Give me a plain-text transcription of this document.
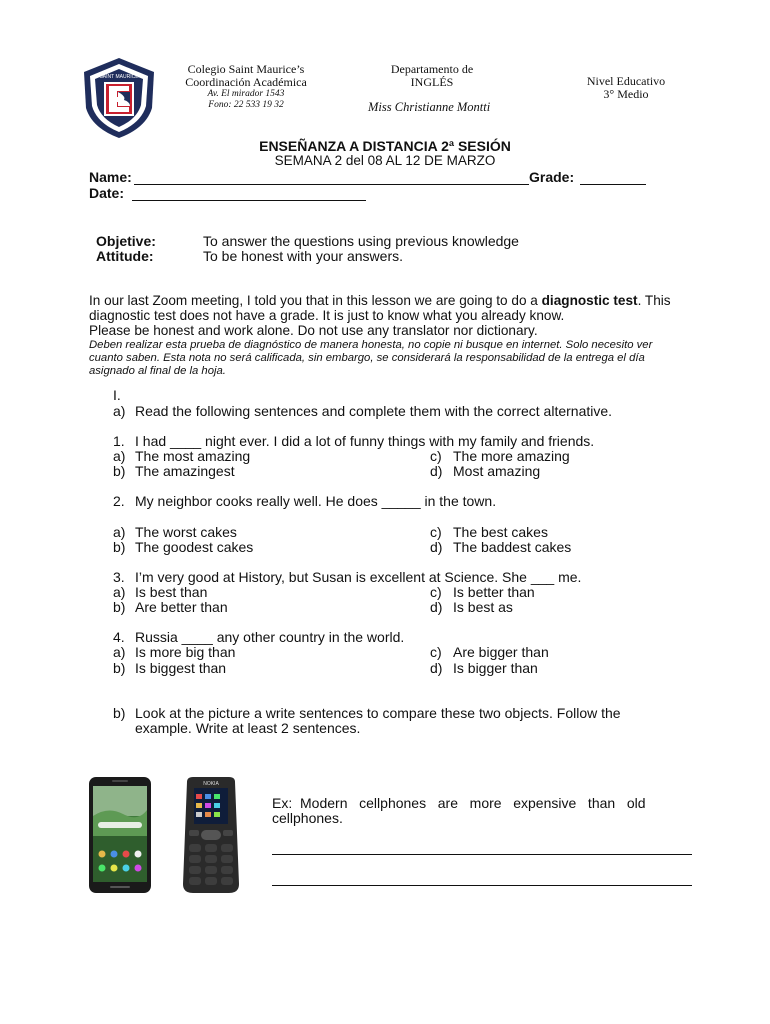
SAINT MAURICE
Colegio Saint Maurice’s
Coordinación Académica
Av. El mirador 1543
Fono: 22 533 19 32
Departamento de
INGLÉS
Miss Christianne Montti
Nivel Educativo
3° Medio
ENSEÑANZA A DISTANCIA 2ª SESIÓN
SEMANA 2 del 08 AL 12 DE MARZO
Name:	Grade:
Date:
Objetive:	To answer the questions using previous knowledge
Attitude:	To be honest with your answers.
In our last Zoom meeting, I told you that in this lesson we are going to do a diagnostic test. This diagnostic test does not have a grade. It is just to know what you already know.
Please be honest and work alone. Do not use any translator nor dictionary.
Deben realizar esta prueba de diagnóstico de manera honesta, no copie ni busque en internet. Solo necesito ver cuanto saben. Esta nota no será calificada, sin embargo, se considerará la responsabilidad de la entrega el día asignado al final de la hoja.
I.
a) Read the following sentences and complete them with the correct alternative.
1. I had ____ night ever. I did a lot of funny things with my family and friends.
a) The most amazing
b) The amazingest
c) The more amazing
d) Most amazing
2. My neighbor cooks really well. He does _____ in the town.
a) The worst cakes
b) The goodest cakes
c) The best cakes
d) The baddest cakes
3. I’m very good at History, but Susan is excellent at Science. She ___ me.
a) Is best than
b) Are better than
c) Is better than
d) Is best as
4. Russia ____ any other country in the world.
a) Is more big than
b) Is biggest than
c) Are bigger than
d) Is bigger than
b) Look at the picture a write sentences to compare these two objects. Follow the
example. Write at least 2 sentences.
NOKIA
Ex:  Modern   cellphones   are   more   expensive   than   old
cellphones.
